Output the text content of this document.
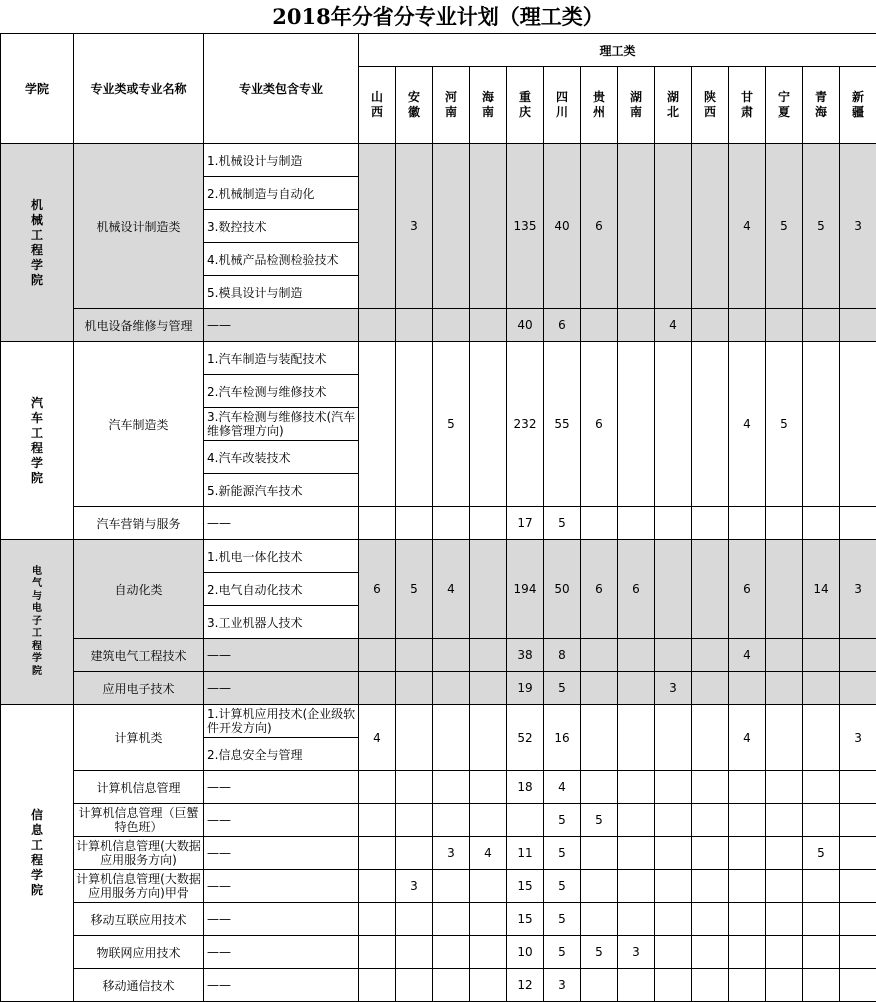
2018年分省分专业计划（理工类）
学院	专业类或专业名称	专业类包含专业	理工类													
			山西	安徽	河南	海南	重庆	四川	贵州	湖南	湖北	陕西	甘肃	宁夏	青海	新疆
机械工程学院	机械设计制造类	1.机械设计与制造		3			135	40	6				4	5	5	3
		2.机械制造与自动化														
		3.数控技术														
		4.机械产品检测检验技术														
		5.模具设计与制造														
	机电设备维修与管理	——					40	6			4					
汽车工程学院	汽车制造类	1.汽车制造与装配技术			5		232	55	6				4	5		
		2.汽车检测与维修技术														
		3.汽车检测与维修技术(汽车维修管理方向)														
		4.汽车改装技术														
		5.新能源汽车技术														
	汽车营销与服务	——					17	5								
电气与电子工程学院	自动化类	1.机电一体化技术	6	5	4		194	50	6	6			6		14	3
		2.电气自动化技术														
		3.工业机器人技术														
	建筑电气工程技术	——					38	8					4			
	应用电子技术	——					19	5			3					
信息工程学院	计算机类	1.计算机应用技术(企业级软件开发方向)	4				52	16					4			3
		2.信息安全与管理														
	计算机信息管理	——					18	4								
	计算机信息管理（巨蟹特色班）	——						5	5							
	计算机信息管理(大数据应用服务方向)	——			3	4	11	5							5	
	计算机信息管理(大数据应用服务方向)甲骨	——		3			15	5								
	移动互联应用技术	——					15	5								
	物联网应用技术	——					10	5	5	3						
	移动通信技术	——					12	3								
